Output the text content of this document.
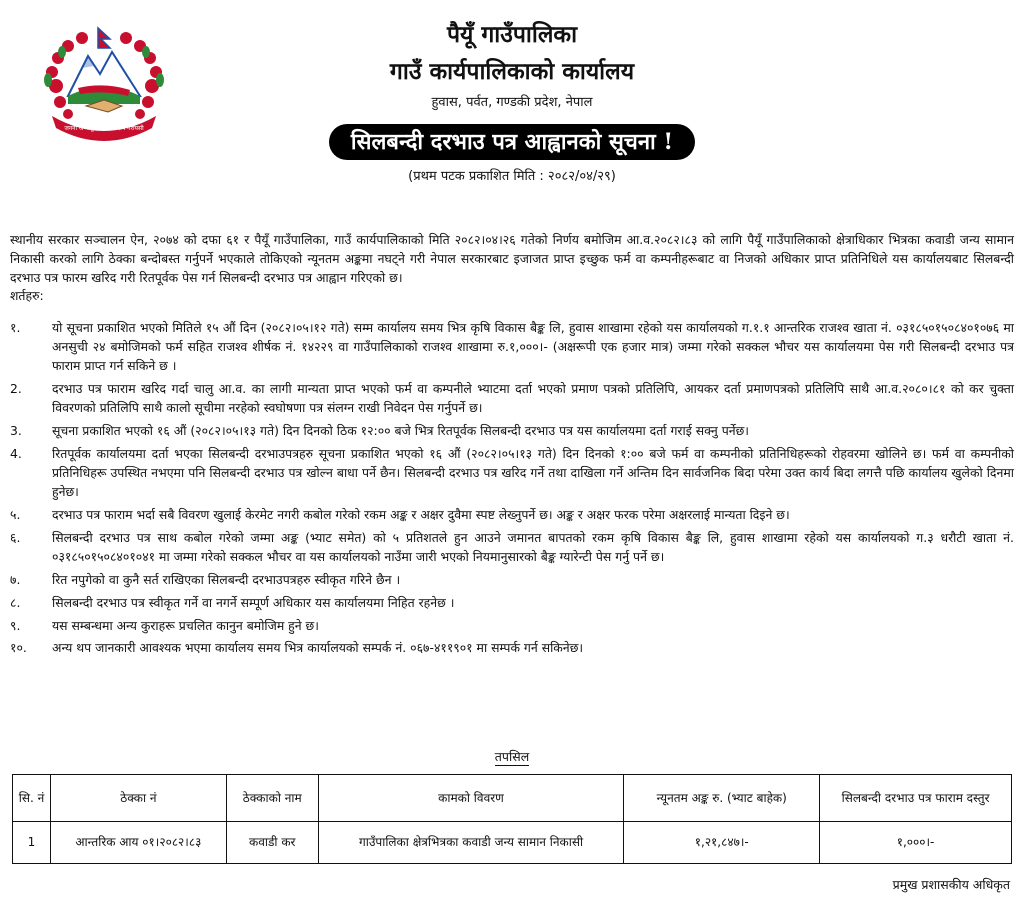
जननी जन्मभूमिश्च स्वर्गादपि गरीयसी
पैयूँ गाउँपालिका
गाउँ कार्यपालिकाको कार्यालय
हुवास, पर्वत, गण्डकी प्रदेश, नेपाल
सिलबन्दी दरभाउ पत्र आह्वानको सूचना !
(प्रथम पटक प्रकाशित मिति : २०८२/०४/२९)
स्थानीय सरकार सञ्चालन ऐन, २०७४ को दफा ६१ र पैयूँ गाउँपालिका, गाउँ कार्यपालिकाको मिति २०८२।०४।२६ गतेको निर्णय बमोजिम आ.व.२०८२।८३ को लागि पैयूँ गाउँपालिकाको क्षेत्राधिकार भित्रका कवाडी जन्य सामान निकासी करको लागि ठेक्का बन्दोबस्त गर्नुपर्ने भएकाले तोकिएको न्यूनतम अङ्कमा नघट्ने गरी नेपाल सरकारबाट इजाजत प्राप्त इच्छुक फर्म वा कम्पनीहरूबाट वा निजको अधिकार प्राप्त प्रतिनिधिले यस कार्यालयबाट सिलबन्दी दरभाउ पत्र फारम खरिद गरी रितपूर्वक पेस गर्न सिलबन्दी दरभाउ पत्र आह्वान गरिएको छ।
शर्तहरु:
१.	यो सूचना प्रकाशित भएको मितिले १५ औं दिन (२०८२।०५।१२ गते) सम्म कार्यालय समय भित्र कृषि विकास बैङ्क लि, हुवास शाखामा रहेको यस कार्यालयको ग.१.१ आन्तरिक राजश्व खाता नं. ०३१८५०१५०८४०१०७६ मा अनसुची २४ बमोजिमको फर्म सहित राजश्व शीर्षक नं. १४२२९ वा गाउँपालिकाको राजश्व शाखामा रु.१,०००।- (अक्षरूपी एक हजार मात्र) जम्मा गरेको सक्कल भौचर यस कार्यालयमा पेस गरी सिलबन्दी दरभाउ पत्र फाराम प्राप्त गर्न सकिने छ ।
2.	दरभाउ पत्र फाराम खरिद गर्दा चालु आ.व. का लागी मान्यता प्राप्त भएको फर्म वा कम्पनीले भ्याटमा दर्ता भएको प्रमाण पत्रको प्रतिलिपि, आयकर दर्ता प्रमाणपत्रको प्रतिलिपि साथै आ.व.२०८०।८१ को कर चुक्ता विवरणको प्रतिलिपि साथै कालो सूचीमा नरहेको स्वघोषणा पत्र संलग्न राखी निवेदन पेस गर्नुपर्ने छ।
3.	सूचना प्रकाशित भएको १६ औं (२०८२।०५।१३ गते) दिन दिनको ठिक १२:०० बजे भित्र रितपूर्वक सिलबन्दी दरभाउ पत्र यस कार्यालयमा दर्ता गराई सक्नु पर्नेछ।
4.	रितपूर्वक कार्यालयमा दर्ता भएका सिलबन्दी दरभाउपत्रहरु सूचना प्रकाशित भएको १६ औं (२०८२।०५।१३ गते) दिन दिनको १:०० बजे फर्म वा कम्पनीको प्रतिनिधिहरूको रोहवरमा खोलिने छ। फर्म वा कम्पनीको प्रतिनिधिहरू उपस्थित नभएमा पनि सिलबन्दी दरभाउ पत्र खोल्न बाधा पर्ने छैन। सिलबन्दी दरभाउ पत्र खरिद गर्ने तथा दाखिला गर्ने अन्तिम दिन सार्वजनिक बिदा परेमा उक्त कार्य बिदा लगत्तै पछि कार्यालय खुलेको दिनमा हुनेछ।
५.	दरभाउ पत्र फाराम भर्दा सबै विवरण खुलाई केरमेट नगरी कबोल गरेको रकम अङ्क र अक्षर दुवैमा स्पष्ट लेख्नुपर्ने छ। अङ्क र अक्षर फरक परेमा अक्षरलाई मान्यता दिइने छ।
६.	सिलबन्दी दरभाउ पत्र साथ कबोल गरेको जम्मा अङ्क (भ्याट समेत) को ५ प्रतिशतले हुन आउने जमानत बापतको रकम कृषि विकास बैङ्क लि, हुवास शाखामा रहेको यस कार्यालयको ग.३ धरौटी खाता नं. ०३१८५०१५०८४०१०४१ मा जम्मा गरेको सक्कल भौचर वा यस कार्यालयको नाउँमा जारी भएको नियमानुसारको बैङ्क ग्यारेन्टी पेस गर्नु पर्ने छ।
७.	रित नपुगेको वा कुनै सर्त राखिएका सिलबन्दी दरभाउपत्रहरु स्वीकृत गरिने छैन ।
८.	सिलबन्दी दरभाउ पत्र स्वीकृत गर्ने वा नगर्ने सम्पूर्ण अधिकार यस कार्यालयमा निहित रहनेछ ।
९.	यस सम्बन्धमा अन्य कुराहरू प्रचलित कानुन बमोजिम हुने छ।
१०.	अन्य थप जानकारी आवश्यक भएमा कार्यालय समय भित्र कार्यालयको सम्पर्क नं. ०६७-४११९०१ मा सम्पर्क गर्न सकिनेछ।
तपसिल
सि. नं	ठेक्का नं	ठेक्काको नाम	कामको विवरण	न्यूनतम अङ्क रु. (भ्याट बाहेक)	सिलबन्दी दरभाउ पत्र फाराम दस्तुर
1	आन्तरिक आय ०१।२०८२।८३	कवाडी कर	गाउँपालिका क्षेत्रभित्रका कवाडी जन्य सामान निकासी	१,२१,८४७।-	१,०००।-
प्रमुख प्रशासकीय अधिकृत
